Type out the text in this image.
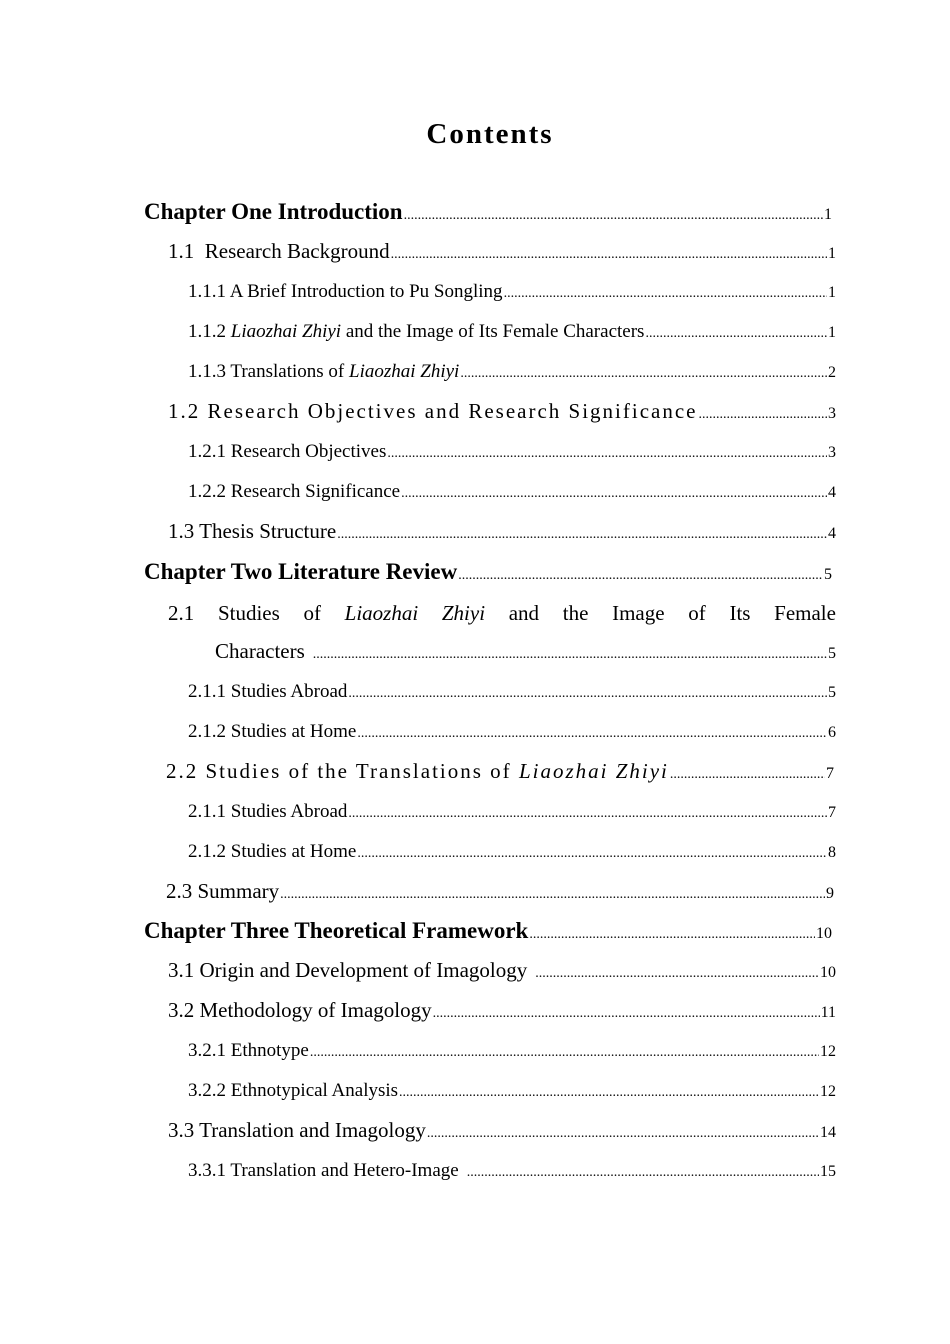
Contents
Chapter One Introduction .....	1
1.1  Research Background .....	1
1.1.1 A Brief Introduction to Pu Songling .....	1
1.1.2 Liaozhai Zhiyi and the Image of Its Female Characters .....	1
1.1.3 Translations of Liaozhai Zhiyi .....	2
1.2 Research Objectives and Research Significance .....	3
1.2.1 Research Objectives .....	3
1.2.2 Research Significance .....	4
1.3 Thesis Structure .....	4
Chapter Two Literature Review .....	5
2.1 Studies of Liaozhai Zhiyi and the Image of Its Female
Characters .....	5
2.1.1 Studies Abroad .....	5
2.1.2 Studies at Home .....	6
2.2 Studies of the Translations of Liaozhai Zhiyi .....	7
2.1.1 Studies Abroad .....	7
2.1.2 Studies at Home .....	8
2.3 Summary .....	9
Chapter Three Theoretical Framework .....	10
3.1 Origin and Development of Imagology .....	10
3.2 Methodology of Imagology .....	11
3.2.1 Ethnotype .....	12
3.2.2 Ethnotypical Analysis .....	12
3.3 Translation and Imagology .....	14
3.3.1 Translation and Hetero-Image .....	15
